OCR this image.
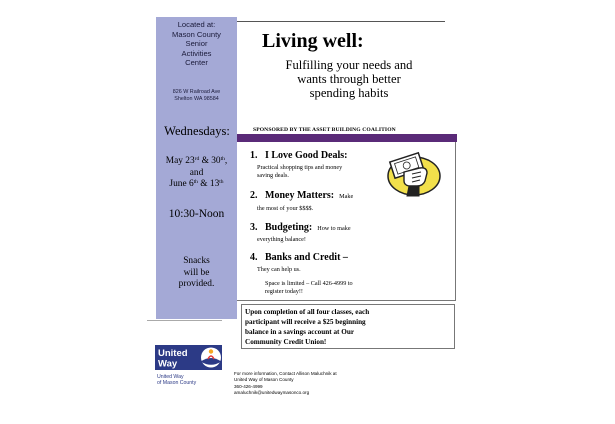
Located at:
Mason County
Senior
Activities
Center
826 W Railroad Ave
Shelton WA 98584
Wednesdays:
May 23rd & 30th,
and
June 6th & 13th
10:30-Noon
Snacks
will be
provided.
Living well:
Fulfilling your needs and
wants through better
spending habits
SPONSORED BY THE ASSET BUILDING COALITION
1. I Love Good Deals:
Practical shopping tips and money
saving deals.
2. Money Matters: Make
the most of your $$$$.
3. Budgeting: How to make
everything balance!
4. Banks and Credit –
They can help us.
Space is limited – Call 426-4999 to
register today!!
Upon completion of all four classes, each
participant will receive a $25 beginning
balance in a savings account at Our
Community Credit Union!
United
Way
United Way
of Mason County
For more information, Contact Allison Maluchnik at
United Way of Mason County
360-426-4999
amaluchnik@unitedwaymasonco.org
